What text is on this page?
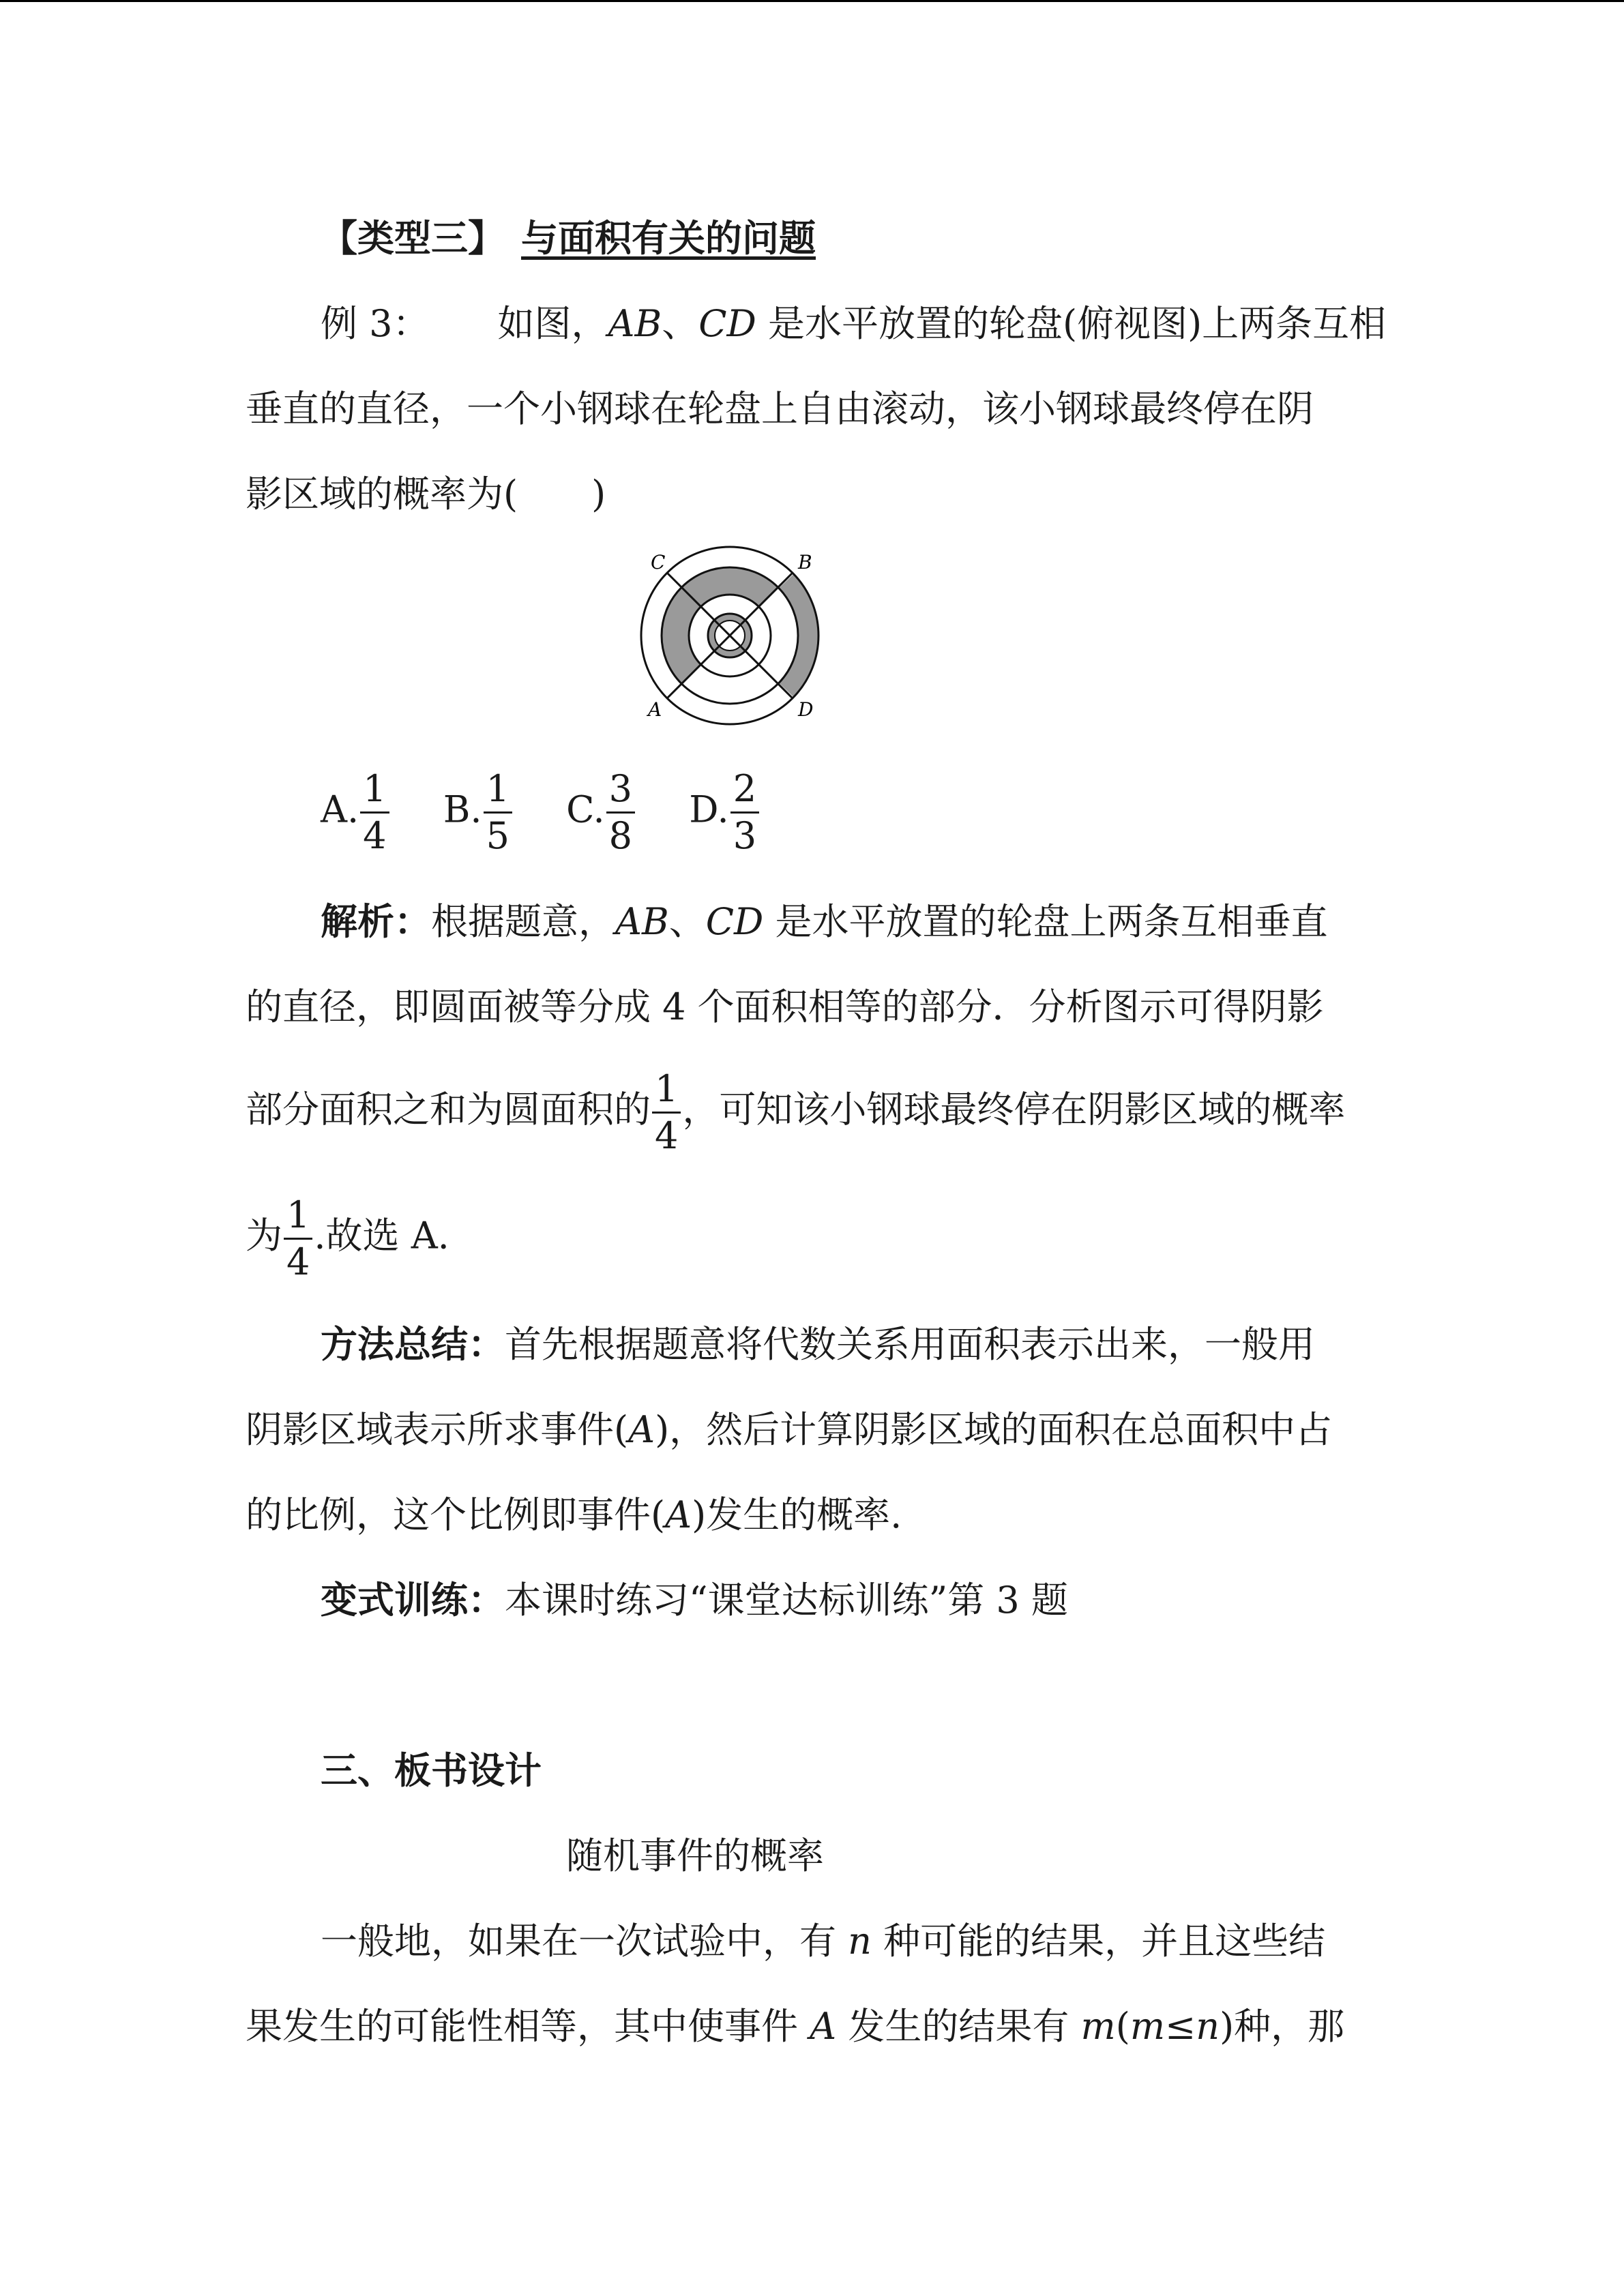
【类型三】 与面积有关的问题
例 3： 如图，AB、CD 是水平放置的轮盘(俯视图)上两条互相
垂直的直径，一个小钢球在轮盘上自由滚动，该小钢球最终停在阴
影区域的概率为(　　)
C	B
A	D
A. $\frac{1}{4} B$. $\frac{1}{5} C$. $\frac{3}{8} D$. $\frac{2}{3}$
解析：根据题意，AB、CD 是水平放置的轮盘上两条互相垂直
的直径，即圆面被等分成 4 个面积相等的部分．分析图示可得阴影
部分面积之和为圆面积的 $\frac{1}{4}$ ，可知该小钢球最终停在阴影区域的概率
为 $\frac{1}{4}$ .故选 A.
方法总结：首先根据题意将代数关系用面积表示出来，一般用
阴影区域表示所求事件(A)，然后计算阴影区域的面积在总面积中占
的比例，这个比例即事件(A)发生的概率.
变式训练：本课时练习“课堂达标训练”第 3 题
三、板书设计
随机事件的概率
一般地，如果在一次试验中，有 n 种可能的结果，并且这些结
果发生的可能性相等，其中使事件 A 发生的结果有 m(m≤n)种，那
